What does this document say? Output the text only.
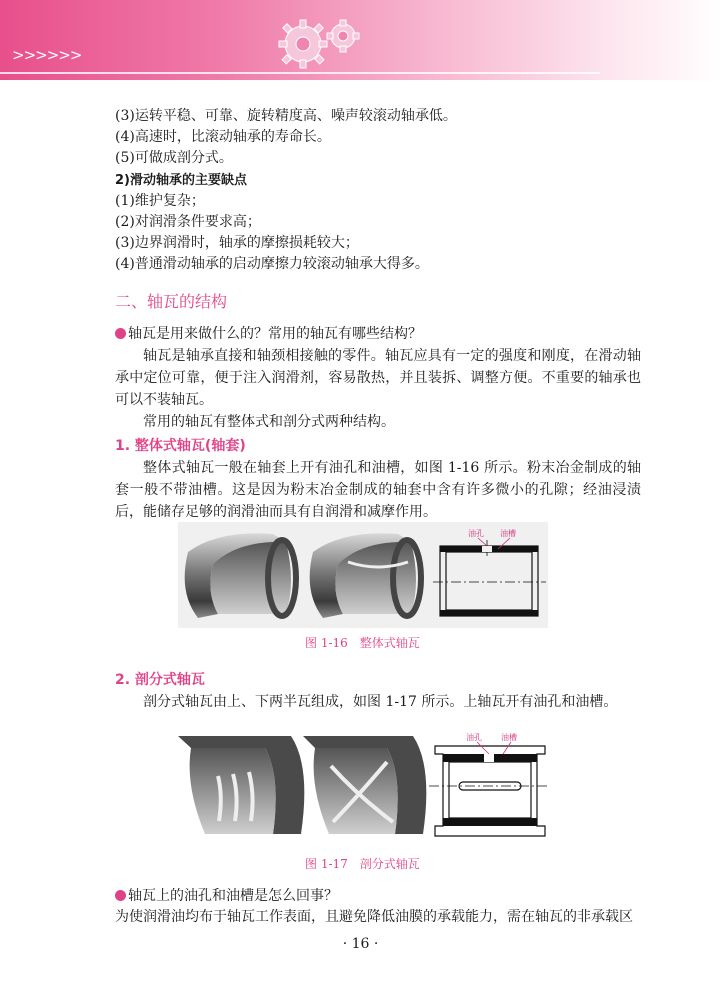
>>>>>>
(3)运转平稳、可靠、旋转精度高、噪声较滚动轴承低。
(4)高速时，比滚动轴承的寿命长。
(5)可做成剖分式。
2)滑动轴承的主要缺点
(1)维护复杂；
(2)对润滑条件要求高；
(3)边界润滑时，轴承的摩擦损耗较大；
(4)普通滑动轴承的启动摩擦力较滚动轴承大得多。
二、轴瓦的结构
轴瓦是用来做什么的？常用的轴瓦有哪些结构？
轴瓦是轴承直接和轴颈相接触的零件。轴瓦应具有一定的强度和刚度，在滑动轴承中定位可靠，便于注入润滑剂，容易散热，并且装拆、调整方便。不重要的轴承也可以不装轴瓦。
常用的轴瓦有整体式和剖分式两种结构。
1. 整体式轴瓦(轴套)
整体式轴瓦一般在轴套上开有油孔和油槽，如图 1-16 所示。粉末冶金制成的轴套一般不带油槽。这是因为粉末冶金制成的轴套中含有许多微小的孔隙；经油浸渍后，能储存足够的润滑油而具有自润滑和减摩作用。
油孔 油槽
图 1-16　整体式轴瓦
2. 剖分式轴瓦
剖分式轴瓦由上、下两半瓦组成，如图 1-17 所示。上轴瓦开有油孔和油槽。
油孔 油槽
图 1-17　剖分式轴瓦
轴瓦上的油孔和油槽是怎么回事？
为使润滑油均布于轴瓦工作表面，且避免降低油膜的承载能力，需在轴瓦的非承载区
· 16 ·
